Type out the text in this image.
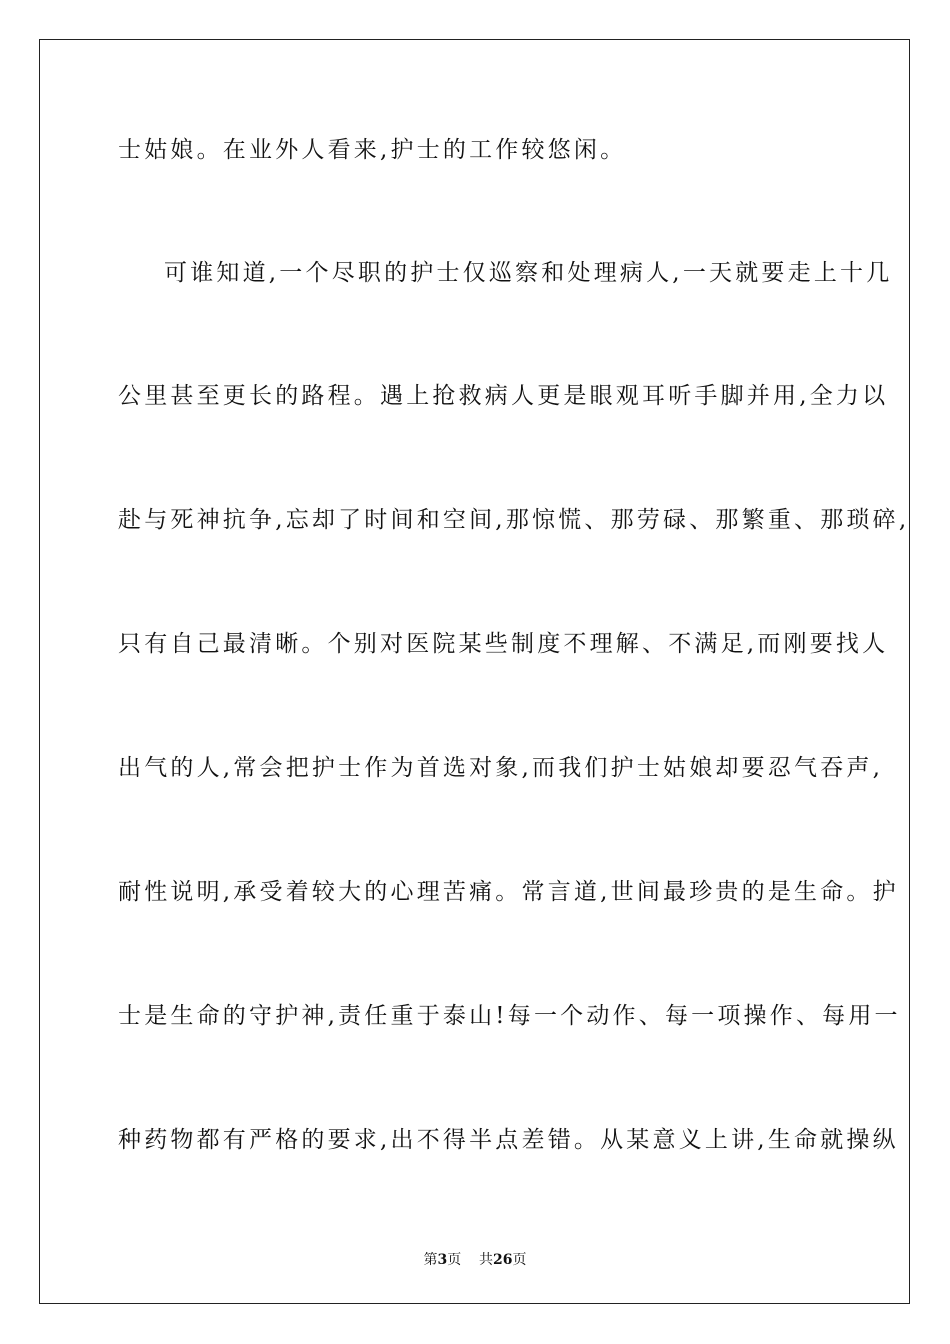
士姑娘。在业外人看来,护士的工作较悠闲。
可谁知道,一个尽职的护士仅巡察和处理病人,一天就要走上十几
公里甚至更长的路程。遇上抢救病人更是眼观耳听手脚并用,全力以
赴与死神抗争,忘却了时间和空间,那惊慌、那劳碌、那繁重、那琐碎,
只有自己最清晰。个别对医院某些制度不理解、不满足,而刚要找人
出气的人,常会把护士作为首选对象,而我们护士姑娘却要忍气吞声,
耐性说明,承受着较大的心理苦痛。常言道,世间最珍贵的是生命。护
士是生命的守护神,责任重于泰山!每一个动作、每一项操作、每用一
种药物都有严格的要求,出不得半点差错。从某意义上讲,生命就操纵
第3页 共26页
